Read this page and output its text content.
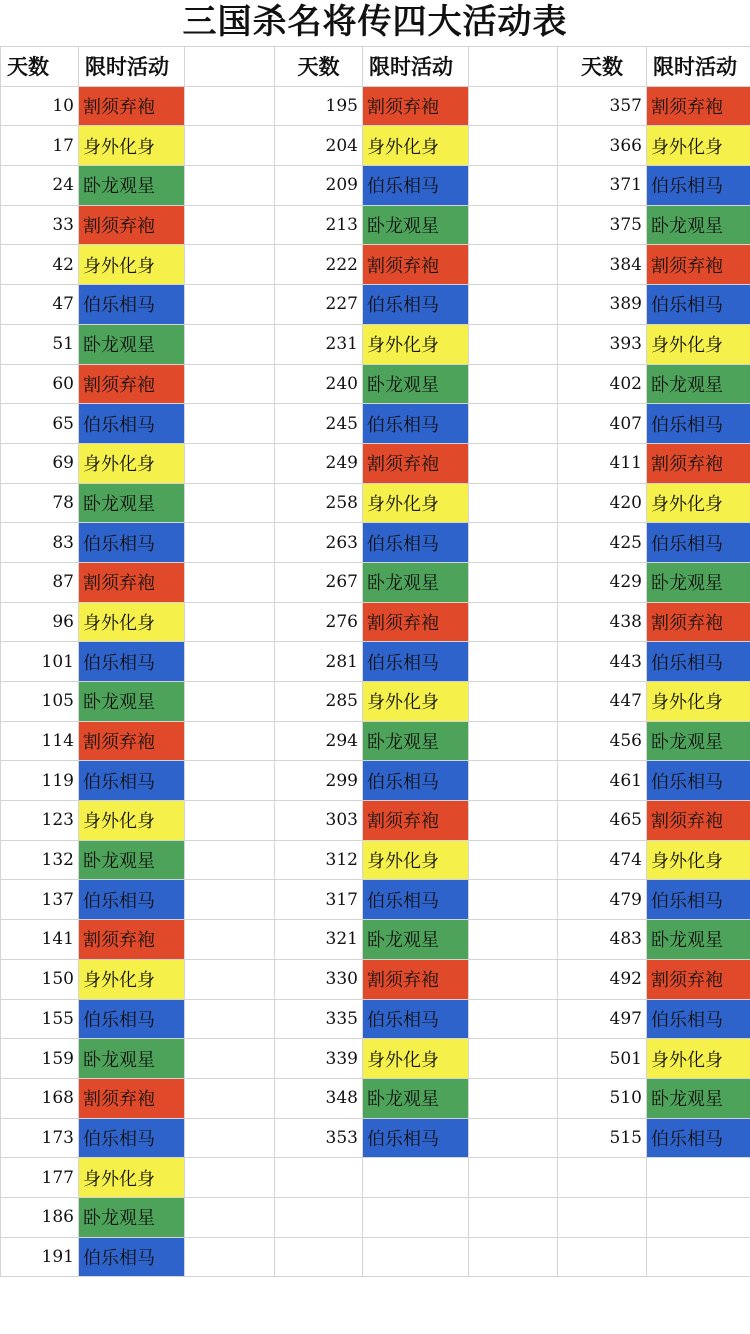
三国杀名将传四大活动表
天数	限时活动		天数	限时活动		天数	限时活动
10	割须弃袍		195	割须弃袍		357	割须弃袍
17	身外化身		204	身外化身		366	身外化身
24	卧龙观星		209	伯乐相马		371	伯乐相马
33	割须弃袍		213	卧龙观星		375	卧龙观星
42	身外化身		222	割须弃袍		384	割须弃袍
47	伯乐相马		227	伯乐相马		389	伯乐相马
51	卧龙观星		231	身外化身		393	身外化身
60	割须弃袍		240	卧龙观星		402	卧龙观星
65	伯乐相马		245	伯乐相马		407	伯乐相马
69	身外化身		249	割须弃袍		411	割须弃袍
78	卧龙观星		258	身外化身		420	身外化身
83	伯乐相马		263	伯乐相马		425	伯乐相马
87	割须弃袍		267	卧龙观星		429	卧龙观星
96	身外化身		276	割须弃袍		438	割须弃袍
101	伯乐相马		281	伯乐相马		443	伯乐相马
105	卧龙观星		285	身外化身		447	身外化身
114	割须弃袍		294	卧龙观星		456	卧龙观星
119	伯乐相马		299	伯乐相马		461	伯乐相马
123	身外化身		303	割须弃袍		465	割须弃袍
132	卧龙观星		312	身外化身		474	身外化身
137	伯乐相马		317	伯乐相马		479	伯乐相马
141	割须弃袍		321	卧龙观星		483	卧龙观星
150	身外化身		330	割须弃袍		492	割须弃袍
155	伯乐相马		335	伯乐相马		497	伯乐相马
159	卧龙观星		339	身外化身		501	身外化身
168	割须弃袍		348	卧龙观星		510	卧龙观星
173	伯乐相马		353	伯乐相马		515	伯乐相马
177	身外化身						
186	卧龙观星						
191	伯乐相马						
